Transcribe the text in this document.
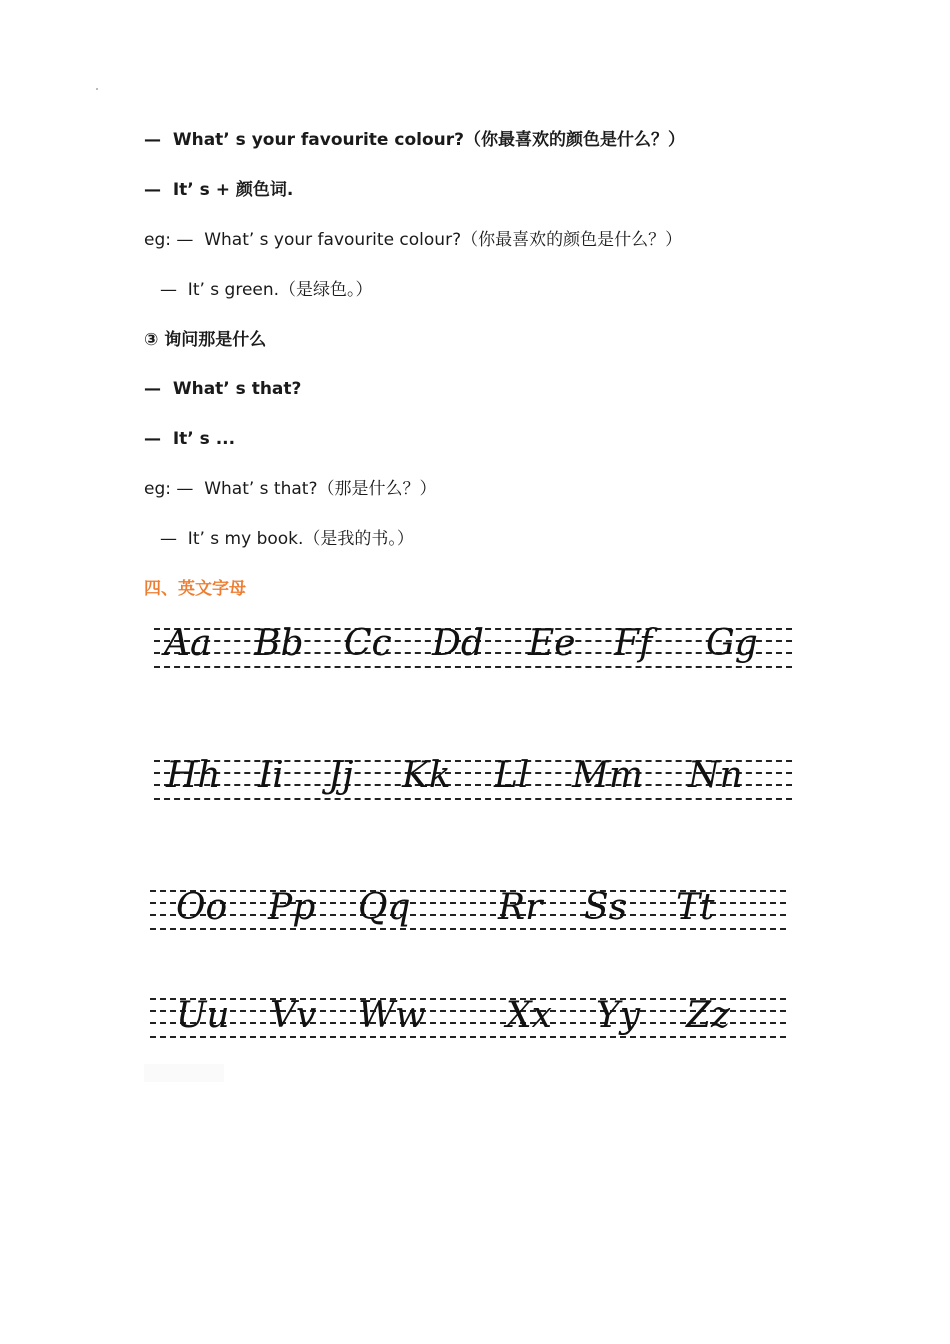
—  What’ s your favourite colour?（你最喜欢的颜色是什么？）
—  It’ s + 颜色词.
eg: —  What’ s your favourite colour?（你最喜欢的颜色是什么？）
—  It’ s green.（是绿色。）
③ 询问那是什么
—  What’ s that?
—  It’ s ...
eg: —  What’ s that?（那是什么？）
—  It’ s my book.（是我的书。）
四、英文字母
Aa Bb Cc Dd Ee Ff Gg
Hh Ii Jj Kk Ll Mm Nn
Oo Pp Qq Rr Ss Tt
Uu Vv Ww Xx Yy Zz
